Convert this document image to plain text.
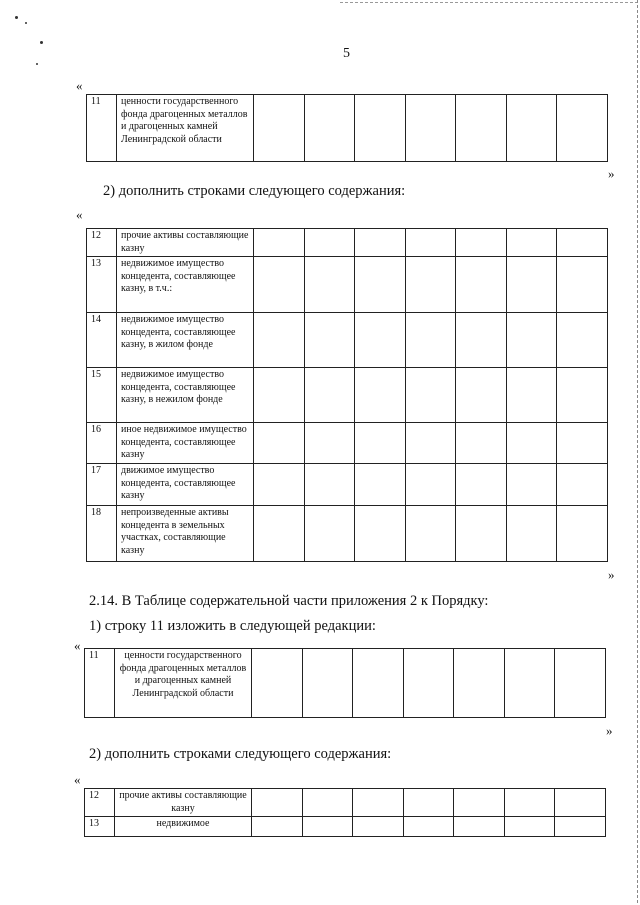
5
«
11	ценности государственного фонда драгоценных металлов и драгоценных камней Ленинградской области							
»
2) дополнить строками следующего содержания:
«
12	прочие активы составляющие казну							
13	недвижимое имущество концедента, составляющее казну, в т.ч.:							
14	недвижимое имущество концедента, составляющее казну, в жилом фонде							
15	недвижимое имущество концедента, составляющее казну, в нежилом фонде							
16	иное недвижимое имущество концедента, составляющее казну							
17	движимое имущество концедента, составляющее казну							
18	непроизведенные активы концедента в земельных участках, составляющие казну							
»
2.14. В Таблице содержательной части приложения 2 к Порядку:
1) строку 11 изложить в следующей редакции:
«
11	ценности государственного фонда драгоценных металлов и драгоценных камней Ленинградской области							
»
2) дополнить строками следующего содержания:
«
12	прочие активы составляющие казну							
13	недвижимое							
